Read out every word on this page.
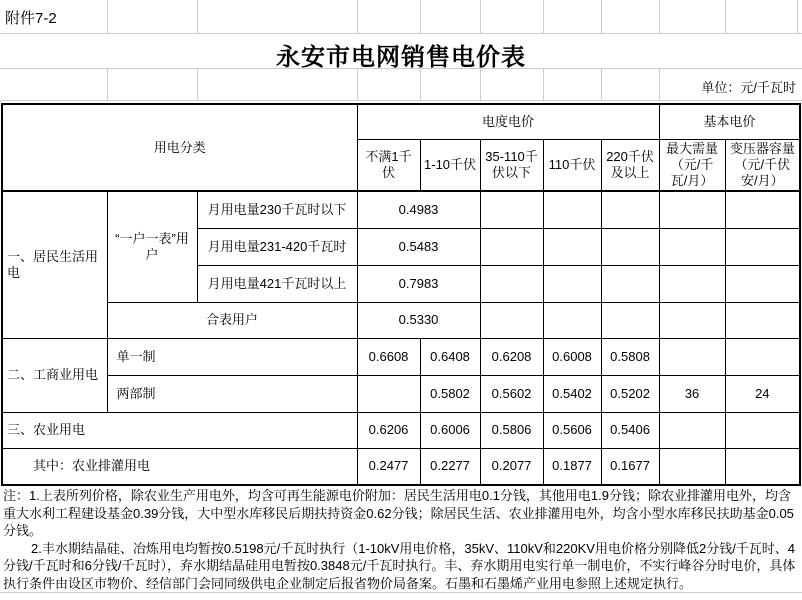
附件7-2
永安市电网销售电价表
单位：元/千瓦时
用电分类			电度电价					基本电价	
			不满1千伏	1-10千伏	35-110千伏以下	110千伏	220千伏及以上	最大需量（元/千瓦/月）	变压器容量（元/千伏安/月）
一、居民生活用电	“一户一表”用户	月用电量230千瓦时以下	0.4983						
		月用电量231-420千瓦时	0.5483						
		月用电量421千瓦时以上	0.7983						
	合表用户		0.5330						
二、工商业用电	单一制		0.6608	0.6408	0.6208	0.6008	0.5808		
	两部制			0.5802	0.5602	0.5402	0.5202	36	24
三、农业用电			0.6206	0.6006	0.5806	0.5606	0.5406		
其中：农业排灌用电			0.2477	0.2277	0.2077	0.1877	0.1677		

注：1.上表所列价格，除农业生产用电外，均含可再生能源电价附加：居民生活用电0.1分钱，其他用电1.9分钱；除农业排灌用电外，均含重大水利工程建设基金0.39分钱，大中型水库移民后期扶持资金0.62分钱；除居民生活、农业排灌用电外，均含小型水库移民扶助基金0.05分钱。

2.丰水期结晶硅、冶炼用电均暂按0.5198元/千瓦时执行（1-10kV用电价格，35kV、110kV和220KV用电价格分别降低2分钱/千瓦时、4分钱/千瓦时和6分钱/千瓦时），弃水期结晶硅用电暂按0.3848元/千瓦时执行。丰、弃水期用电实行单一制电价，不实行峰谷分时电价，具体执行条件由设区市物价、经信部门会同同级供电企业制定后报省物价局备案。石墨和石墨烯产业用电参照上述规定执行。
